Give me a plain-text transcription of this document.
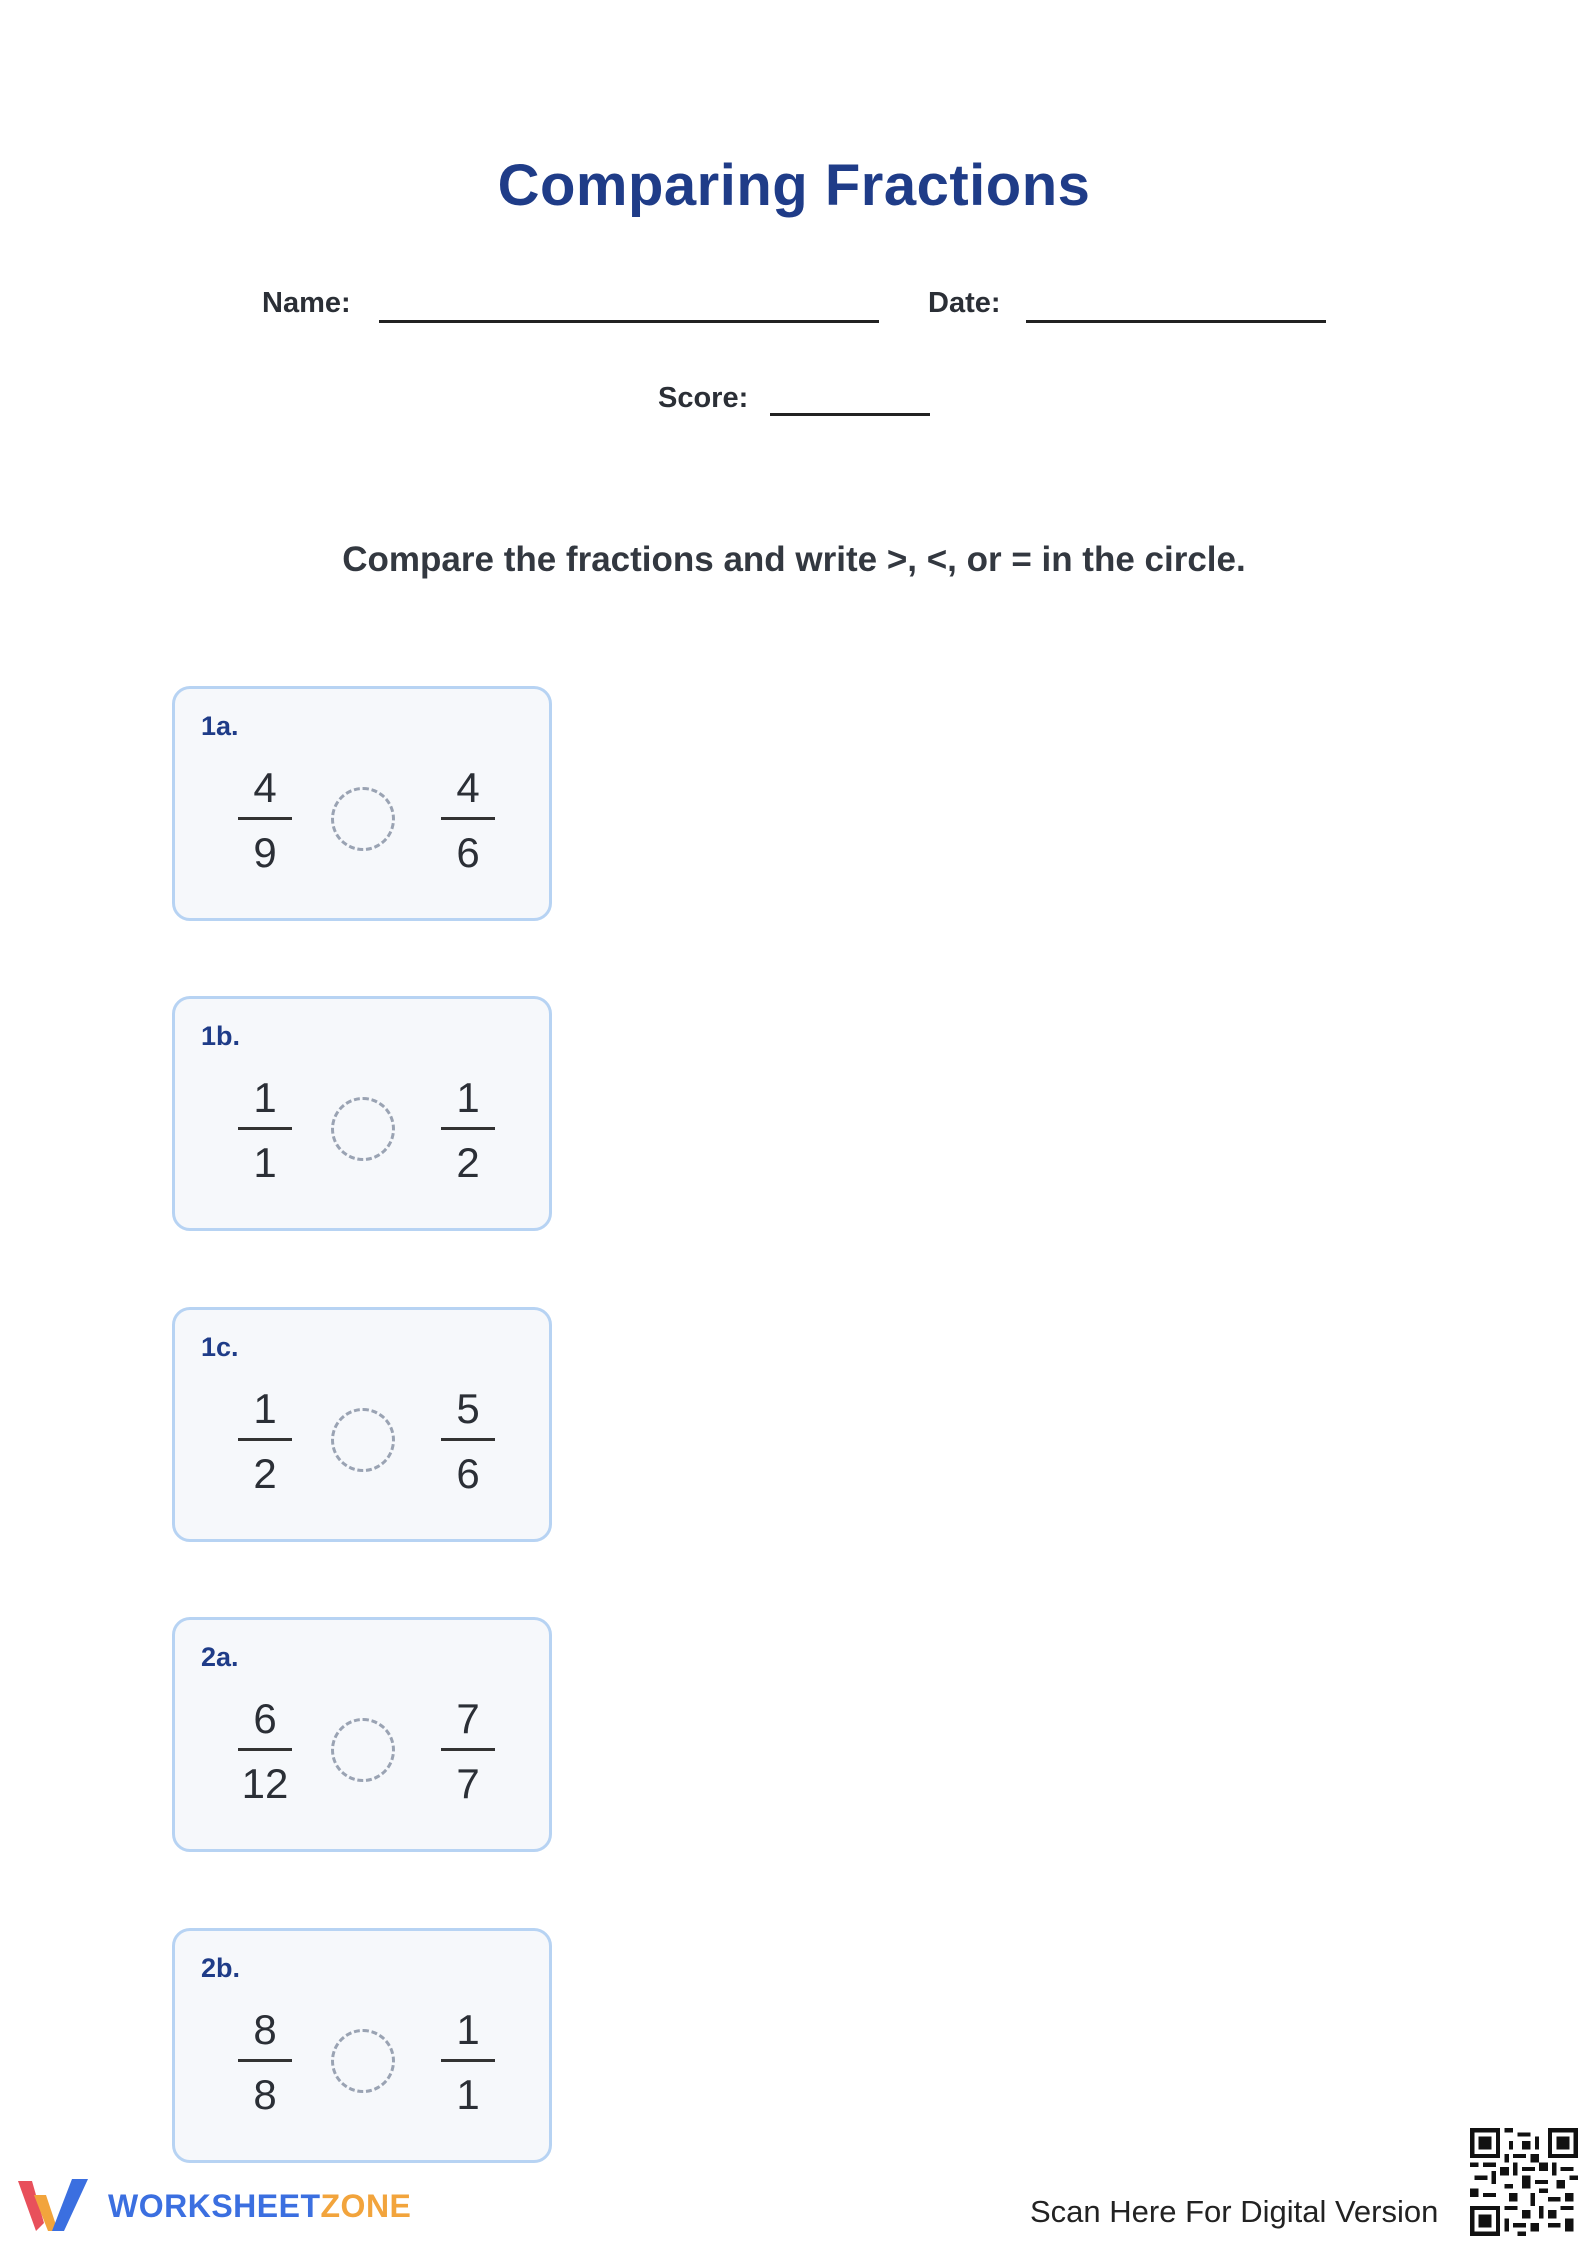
Comparing Fractions
Name:	Date:
Score:
Compare the fractions and write >, <, or = in the circle.
1a.
4
9
4
6
1b.
1
1
1
2
1c.
1
2
5
6
2a.
6
12
7
7
2b.
8
8
1
1
WORKSHEETZONE	Scan Here For Digital Version
